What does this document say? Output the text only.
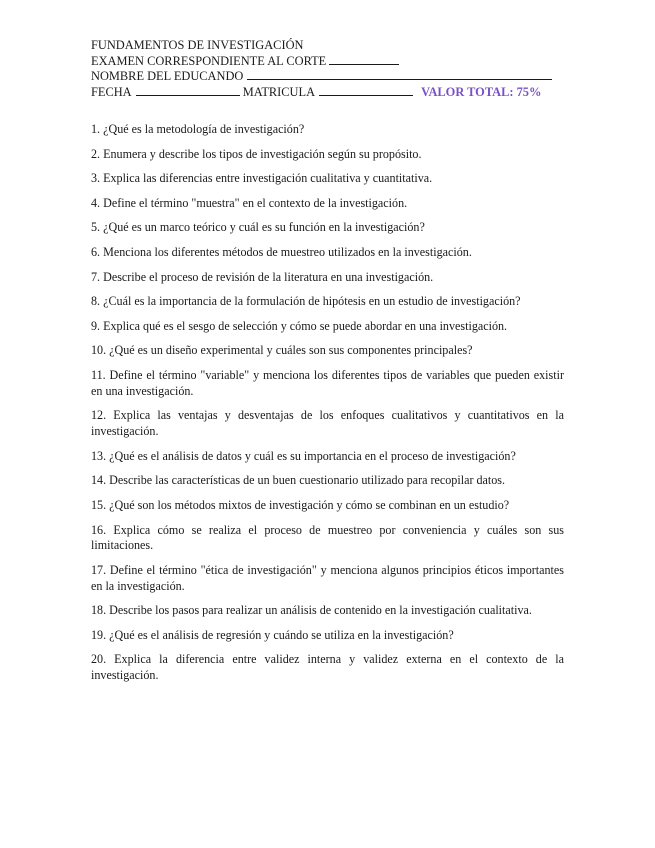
FUNDAMENTOS DE INVESTIGACIÓN
EXAMEN CORRESPONDIENTE AL CORTE
NOMBRE DEL EDUCANDO
FECHA	MATRICULA	VALOR TOTAL: 75%
1. ¿Qué es la metodología de investigación?
2. Enumera y describe los tipos de investigación según su propósito.
3. Explica las diferencias entre investigación cualitativa y cuantitativa.
4. Define el término "muestra" en el contexto de la investigación.
5. ¿Qué es un marco teórico y cuál es su función en la investigación?
6. Menciona los diferentes métodos de muestreo utilizados en la investigación.
7. Describe el proceso de revisión de la literatura en una investigación.
8. ¿Cuál es la importancia de la formulación de hipótesis en un estudio de investigación?
9. Explica qué es el sesgo de selección y cómo se puede abordar en una investigación.
10. ¿Qué es un diseño experimental y cuáles son sus componentes principales?
11. Define el término "variable" y menciona los diferentes tipos de variables que pueden existir en una investigación.
12. Explica las ventajas y desventajas de los enfoques cualitativos y cuantitativos en la investigación.
13. ¿Qué es el análisis de datos y cuál es su importancia en el proceso de investigación?
14. Describe las características de un buen cuestionario utilizado para recopilar datos.
15. ¿Qué son los métodos mixtos de investigación y cómo se combinan en un estudio?
16. Explica cómo se realiza el proceso de muestreo por conveniencia y cuáles son sus limitaciones.
17. Define el término "ética de investigación" y menciona algunos principios éticos importantes en la investigación.
18. Describe los pasos para realizar un análisis de contenido en la investigación cualitativa.
19. ¿Qué es el análisis de regresión y cuándo se utiliza en la investigación?
20. Explica la diferencia entre validez interna y validez externa en el contexto de la investigación.
